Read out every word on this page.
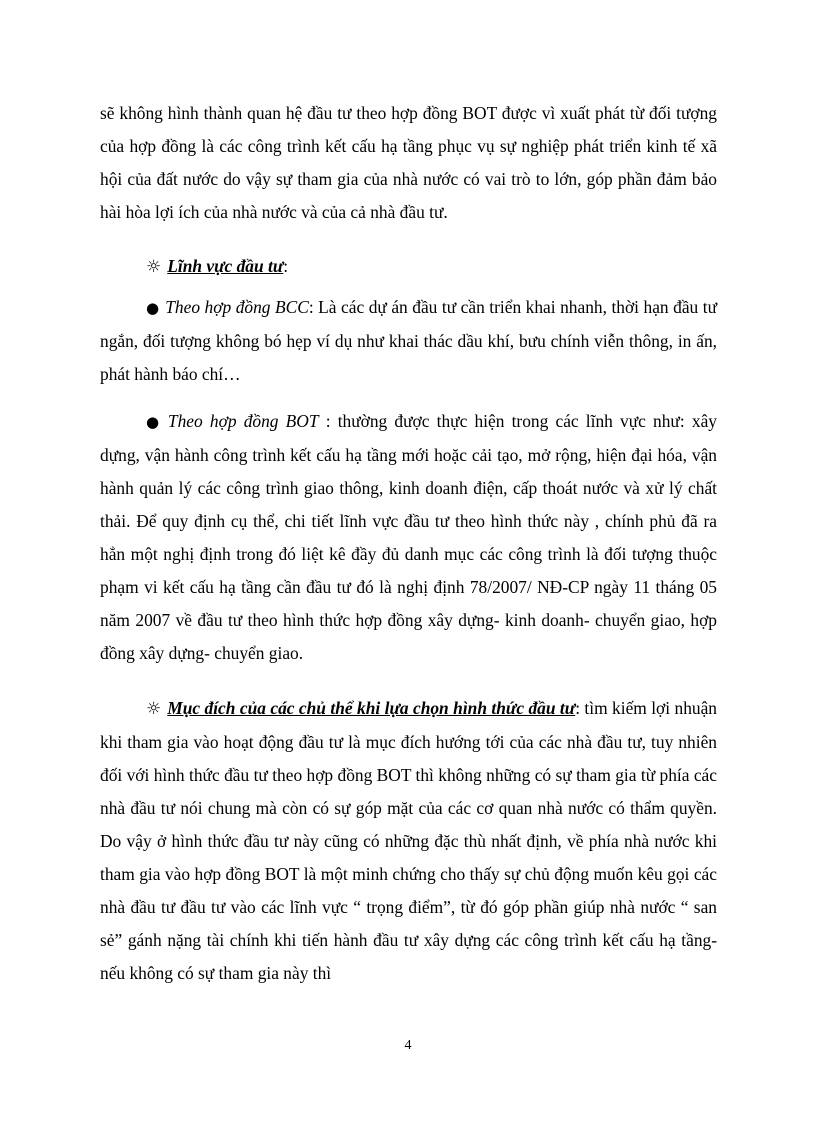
sẽ không hình thành quan hệ đầu tư theo hợp đồng BOT được vì xuất phát từ đối tượng của hợp đồng là các công trình kết cấu hạ tầng phục vụ sự nghiệp phát triển kinh tế xã hội của đất nước do vậy sự tham gia của nhà nước có vai trò to lớn, góp phần đảm bảo hài hòa lợi ích của nhà nước và của cả nhà đầu tư.

☼ Lĩnh vực đầu tư:

● Theo hợp đồng BCC: Là các dự án đầu tư cần triển khai nhanh, thời hạn đầu tư ngắn, đối tượng không bó hẹp ví dụ như khai thác dầu khí, bưu chính viễn thông, in ấn, phát hành báo chí…

● Theo hợp đồng BOT : thường được thực hiện trong các lĩnh vực như: xây dựng, vận hành công trình kết cấu hạ tầng mới hoặc cải tạo, mở rộng, hiện đại hóa, vận hành quản lý các công trình giao thông, kinh doanh điện, cấp thoát nước và xử lý chất thải. Để quy định cụ thể, chi tiết lĩnh vực đầu tư theo hình thức này , chính phủ đã ra hẳn một nghị định trong đó liệt kê đầy đủ danh mục các công trình là đối tượng thuộc phạm vi kết cấu hạ tầng cần đầu tư đó là nghị định 78/2007/ NĐ-CP ngày 11 tháng 05 năm 2007 về đầu tư theo hình thức hợp đồng xây dựng- kinh doanh- chuyển giao, hợp đồng xây dựng- chuyển giao.

☼ Mục đích của các chủ thể khi lựa chọn hình thức đầu tư: tìm kiếm lợi nhuận khi tham gia vào hoạt động đầu tư là mục đích hướng tới của các nhà đầu tư, tuy nhiên đối với hình thức đầu tư theo hợp đồng BOT thì không những có sự tham gia từ phía các nhà đầu tư nói chung mà còn có sự góp mặt của các cơ quan nhà nước có thẩm quyền. Do vậy ở hình thức đầu tư này cũng có những đặc thù nhất định, về phía nhà nước khi tham gia vào hợp đồng BOT là một minh chứng cho thấy sự chủ động muốn kêu gọi các nhà đầu tư đầu tư vào các lĩnh vực “ trọng điểm”, từ đó góp phần giúp nhà nước “ san sẻ” gánh nặng tài chính khi tiến hành đầu tư xây dựng các công trình kết cấu hạ tầng- nếu không có sự tham gia này thì

4
